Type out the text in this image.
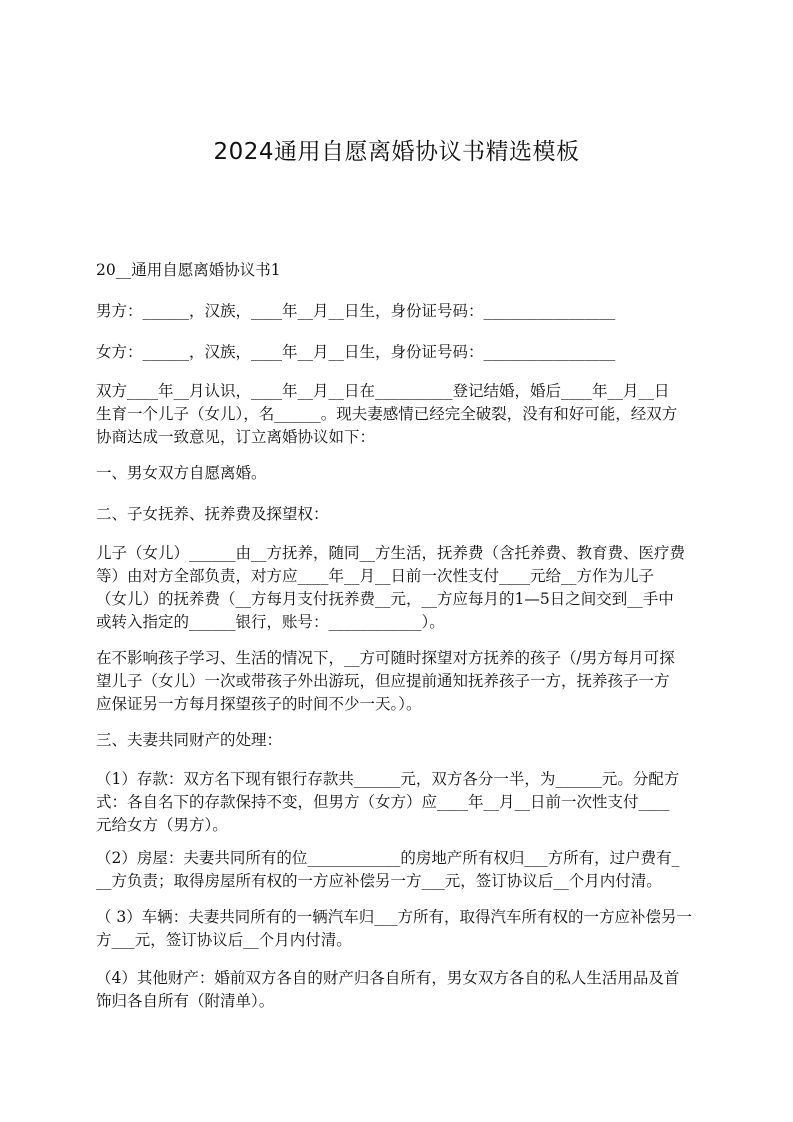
2024通用自愿离婚协议书精选模板
20__通用自愿离婚协议书1
男方：______，汉族，____年__月__日生，身份证号码：_________________
女方：______，汉族，____年__月__日生，身份证号码：_________________
双方____年__月认识，____年__月__日在__________登记结婚，婚后____年__月__日
生育一个儿子（女儿），名______。现夫妻感情已经完全破裂，没有和好可能，经双方
协商达成一致意见，订立离婚协议如下：
一、男女双方自愿离婚。
二、子女抚养、抚养费及探望权：
儿子（女儿）______由__方抚养，随同__方生活，抚养费（含托养费、教育费、医疗费
等）由对方全部负责，对方应____年__月__日前一次性支付____元给__方作为儿子
（女儿）的抚养费（__方每月支付抚养费__元，__方应每月的1—5日之间交到__手中
或转入指定的______银行，账号：____________）。
在不影响孩子学习、生活的情况下，__方可随时探望对方抚养的孩子（/男方每月可探
望儿子（女儿）一次或带孩子外出游玩，但应提前通知抚养孩子一方，抚养孩子一方
应保证另一方每月探望孩子的时间不少一天。）。
三、夫妻共同财产的处理：
（1）存款：双方名下现有银行存款共______元，双方各分一半，为______元。分配方
式：各自名下的存款保持不变，但男方（女方）应____年__月__日前一次性支付____
元给女方（男方）。
（2）房屋：夫妻共同所有的位____________的房地产所有权归___方所有，过户费有_
__方负责；取得房屋所有权的一方应补偿另一方___元，签订协议后__个月内付清。
（ 3）车辆：夫妻共同所有的一辆汽车归___方所有，取得汽车所有权的一方应补偿另一
方___元，签订协议后__个月内付清。
（4）其他财产：婚前双方各自的财产归各自所有，男女双方各自的私人生活用品及首
饰归各自所有（附清单）。
